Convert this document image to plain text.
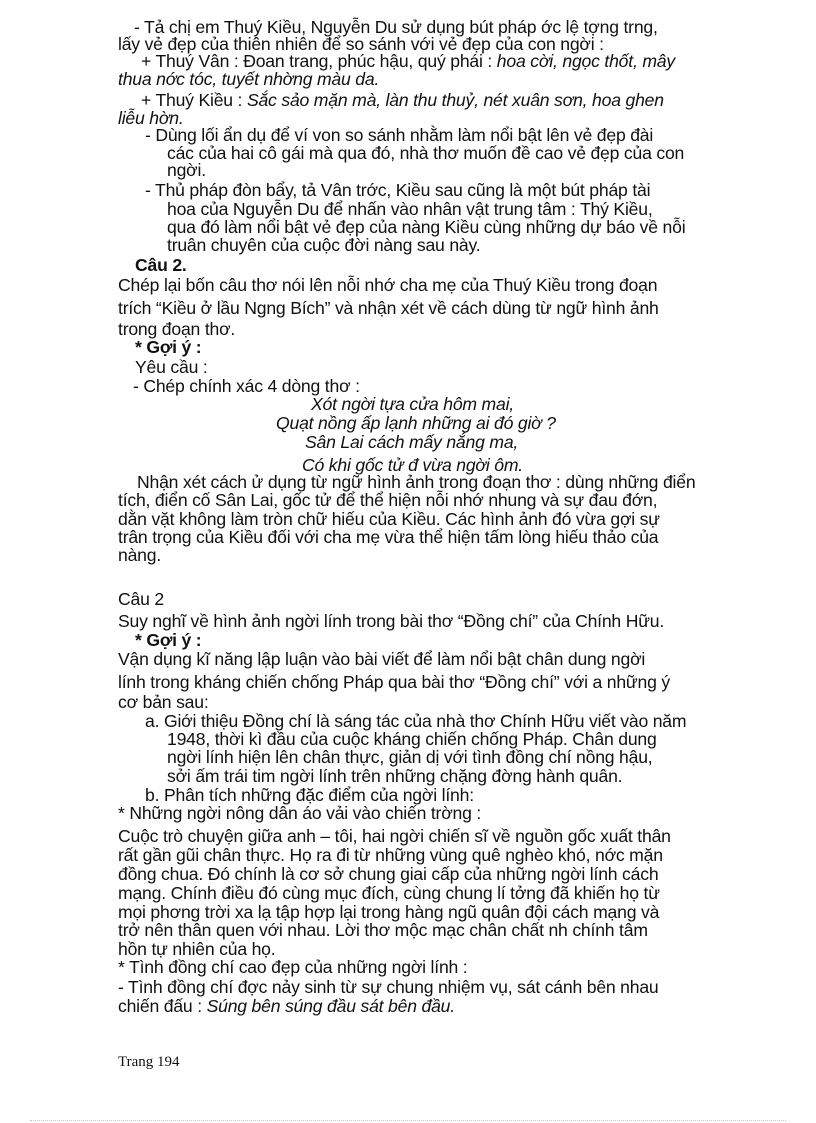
- Tả chị em Thuý Kiều, Nguyễn Du sử dụng bút pháp ớc lệ tợng trng,
lấy vẻ đẹp của thiên nhiên để so sánh với vẻ đẹp của con ngời :
+ Thuý Vân : Đoan trang, phúc hậu, quý phái : hoa cời, ngọc thốt, mây
thua nớc tóc, tuyết nhờng màu da.
+ Thuý Kiều : Sắc sảo mặn mà, làn thu thuỷ, nét xuân sơn, hoa ghen
liễu hờn.
- Dùng lối ẩn dụ để ví von so sánh nhằm làm nổi bật lên vẻ đẹp đài
các của hai cô gái mà qua đó, nhà thơ muốn đề cao vẻ đẹp của con
ngời.
- Thủ pháp đòn bẩy, tả Vân trớc, Kiều sau cũng là một bút pháp tài
hoa của Nguyễn Du để nhấn vào nhân vật trung tâm : Thý Kiều,
qua đó làm nổi bật vẻ đẹp của nàng Kiều cùng những dự báo về nỗi
truân chuyên của cuộc đời nàng sau này.
Câu 2.
Chép lại bốn câu thơ nói lên nỗi nhớ cha mẹ của Thuý Kiều trong đoạn
trích “Kiều ở lầu Ngng Bích” và nhận xét về cách dùng từ ngữ hình ảnh
trong đoạn thơ.
* Gợi ý :
Yêu cầu :
- Chép chính xác 4 dòng thơ :
Xót ngời tựa cửa hôm mai,
Quạt nồng ấp lạnh những ai đó giờ ?
Sân Lai cách mấy nắng ma,
Có khi gốc tử đ vừa ngời ôm.
Nhận xét cách ử dụng từ ngữ hình ảnh trong đoạn thơ : dùng những điển
tích, điển cố Sân Lai, gốc tử để thể hiện nỗi nhớ nhung và sự đau đớn,
dằn vặt không làm tròn chữ hiếu của Kiều. Các hình ảnh đó vừa gợi sự
trân trọng của Kiều đối với cha mẹ vừa thể hiện tấm lòng hiếu thảo của
nàng.
Câu 2
Suy nghĩ về hình ảnh ngời lính trong bài thơ “Đồng chí” của Chính Hữu.
* Gợi ý :
Vận dụng kĩ năng lập luận vào bài viết để làm nổi bật chân dung ngời
lính trong kháng chiến chống Pháp qua bài thơ “Đồng chí” với a những ý
cơ bản sau:
a. Giới thiệu Đồng chí là sáng tác của nhà thơ Chính Hữu viết vào năm
1948, thời kì đầu của cuộc kháng chiến chống Pháp. Chân dung
ngời lính hiện lên chân thực, giản dị với tình đồng chí nồng hậu,
sởi ấm trái tim ngời lính trên những chặng đờng hành quân.
b. Phân tích những đặc điểm của ngời lính:
* Những ngời nông dân áo vải vào chiến trờng :
Cuộc trò chuyện giữa anh – tôi, hai ngời chiến sĩ về nguồn gốc xuất thân
rất gần gũi chân thực. Họ ra đi từ những vùng quê nghèo khó, nớc mặn
đồng chua. Đó chính là cơ sở chung giai cấp của những ngời lính cách
mạng. Chính điều đó cùng mục đích, cùng chung lí tởng đã khiến họ từ
mọi phơng trời xa lạ tập hợp lại trong hàng ngũ quân đội cách mạng và
trở nên thân quen với nhau. Lời thơ mộc mạc chân chất nh chính tâm
hồn tự nhiên của họ.
* Tình đồng chí cao đẹp của những ngời lính :
- Tình đồng chí đợc nảy sinh từ sự chung nhiệm vụ, sát cánh bên nhau
chiến đấu : Súng bên súng đầu sát bên đầu.
Trang 194
